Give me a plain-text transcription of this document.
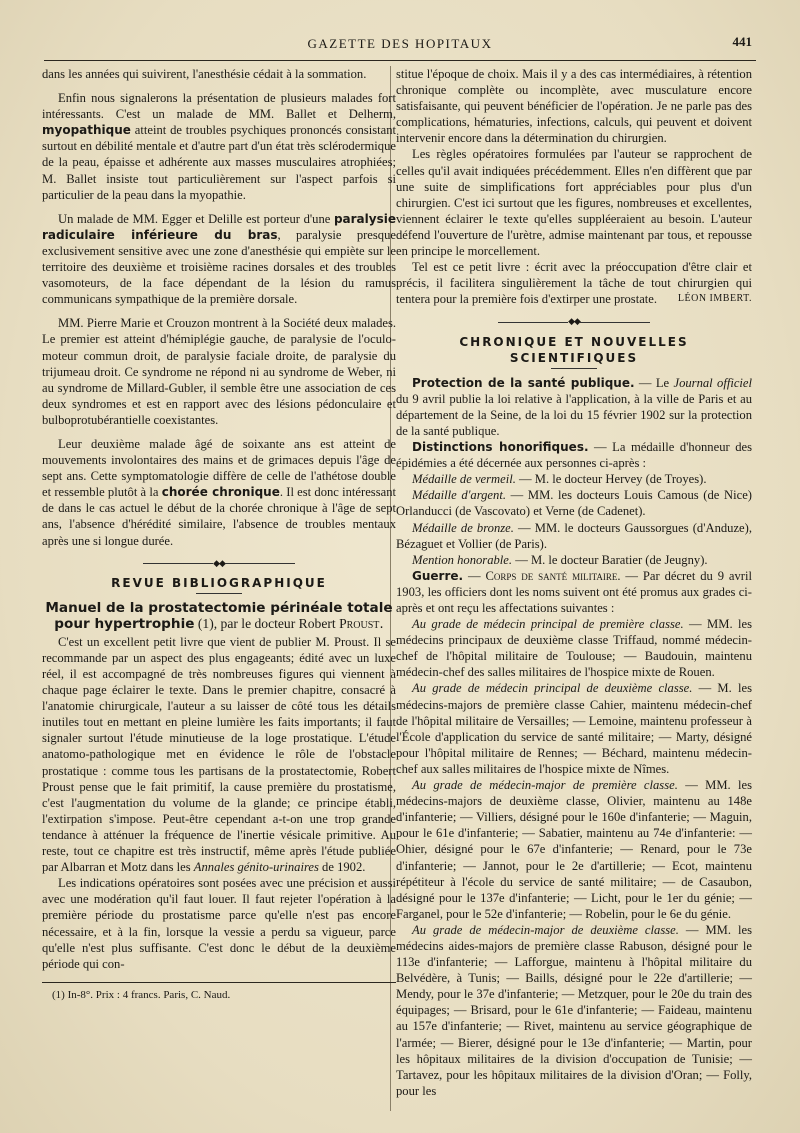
GAZETTE DES HOPITAUX	441

dans les années qui suivirent, l'anesthésie cédait à la sommation.

Enfin nous signalerons la présentation de plusieurs malades fort intéressants. C'est un malade de MM. Ballet et Delherm, myopathique atteint de troubles psychiques prononcés consistant surtout en débilité mentale et d'autre part d'un état très sclérodermique de la peau, épaisse et adhérente aux masses musculaires atrophiées; M. Ballet insiste tout particulièrement sur l'aspect parfois si particulier de la peau dans la myopathie.

Un malade de MM. Egger et Delille est porteur d'une paralysie radiculaire inférieure du bras, paralysie presque exclusivement sensitive avec une zone d'anesthésie qui empiète sur le territoire des deuxième et troisième racines dorsales et des troubles vasomoteurs, de la face dépendant de la lésion du ramus communicans sympathique de la première dorsale.

MM. Pierre Marie et Crouzon montrent à la Société deux malades. Le premier est atteint d'hémiplégie gauche, de paralysie de l'oculo-moteur commun droit, de paralysie faciale droite, de paralysie du trijumeau droit. Ce syndrome ne répond ni au syndrome de Weber, ni au syndrome de Millard-Gubler, il semble être une association de ces deux syndromes et est en rapport avec des lésions pédonculaire et bulboprotubérantielle coexistantes.

Leur deuxième malade âgé de soixante ans est atteint de mouvements involontaires des mains et de grimaces depuis l'âge de sept ans. Cette symptomatologie diffère de celle de l'athétose double et ressemble plutôt à la chorée chronique. Il est donc intéressant de dans le cas actuel le début de la chorée chronique à l'âge de sept ans, l'absence d'hérédité similaire, l'absence de troubles mentaux après une si longue durée.

◆◆
REVUE BIBLIOGRAPHIQUE
Manuel de la prostatectomie périnéale totale pour hypertrophie (1), par le docteur Robert Proust.

C'est un excellent petit livre que vient de publier M. Proust. Il se recommande par un aspect des plus engageants; édité avec un luxe réel, il est accompagné de très nombreuses figures qui viennent à chaque page éclairer le texte. Dans le premier chapitre, consacré à l'anatomie chirurgicale, l'auteur a su laisser de côté tous les détails inutiles tout en mettant en pleine lumière les faits importants; il faut signaler surtout l'étude minutieuse de la loge prostatique. L'étude anatomo-pathologique met en évidence le rôle de l'obstacle prostatique : comme tous les partisans de la prostatectomie, Robert Proust pense que le fait primitif, la cause première du prostatisme, c'est l'augmentation du volume de la glande; ce principe établi, l'extirpation s'impose. Peut-être cependant a-t-on une trop grande tendance à atténuer la fréquence de l'inertie vésicale primitive. Au reste, tout ce chapitre est très instructif, même après l'étude publiée par Albarran et Motz dans les Annales génito-urinaires de 1902.

Les indications opératoires sont posées avec une précision et aussi avec une modération qu'il faut louer. Il faut rejeter l'opération à la première période du prostatisme parce qu'elle n'est pas encore nécessaire, et à la fin, lorsque la vessie a perdu sa vigueur, parce qu'elle n'est plus suffisante. C'est donc le début de la deuxième période qui con-

(1) In-8°. Prix : 4 francs. Paris, C. Naud.

stitue l'époque de choix. Mais il y a des cas intermédiaires, à rétention chronique complète ou incomplète, avec musculature encore satisfaisante, qui peuvent bénéficier de l'opération. Je ne parle pas des complications, hématuries, infections, calculs, qui peuvent et doivent intervenir encore dans la détermination du chirurgien.

Les règles opératoires formulées par l'auteur se rapprochent de celles qu'il avait indiquées précédemment. Elles n'en diffèrent que par une suite de simplifications fort appréciables pour plus d'un chirurgien. C'est ici surtout que les figures, nombreuses et excellentes, viennent éclairer le texte qu'elles suppléeraient au besoin. L'auteur défend l'ouverture de l'urètre, admise maintenant par tous, et repousse en principe le morcellement.

Tel est ce petit livre : écrit avec la préoccupation d'être clair et précis, il facilitera singulièrement la tâche de tout chirurgien qui tentera pour la première fois d'extirper une prostate.	LÉON IMBERT.

◆◆
CHRONIQUE ET NOUVELLES SCIENTIFIQUES

Protection de la santé publique. — Le Journal officiel du 9 avril publie la loi relative à l'application, à la ville de Paris et au département de la Seine, de la loi du 15 février 1902 sur la protection de la santé publique.

Distinctions honorifiques. — La médaille d'honneur des épidémies a été décernée aux personnes ci-après :

Médaille de vermeil. — M. le docteur Hervey (de Troyes).

Médaille d'argent. — MM. les docteurs Louis Camous (de Nice) Orlanducci (de Vascovato) et Verne (de Cadenet).

Médaille de bronze. — MM. le docteurs Gaussorgues (d'Anduze), Bézaguet et Vollier (de Paris).

Mention honorable. — M. le docteur Baratier (de Jeugny).

Guerre. — Corps de santé militaire. — Par décret du 9 avril 1903, les officiers dont les noms suivent ont été promus aux grades ci-après et ont reçu les affectations suivantes :

Au grade de médecin principal de première classe. — MM. les médecins principaux de deuxième classe Triffaud, nommé médecin-chef de l'hôpital militaire de Toulouse; — Baudouin, maintenu médecin-chef des salles militaires de l'hospice mixte de Rouen.

Au grade de médecin principal de deuxième classe. — M. les médecins-majors de première classe Cahier, maintenu médecin-chef de l'hôpital militaire de Versailles; — Lemoine, maintenu professeur à l'École d'application du service de santé militaire; — Marty, désigné pour l'hôpital militaire de Rennes; — Béchard, maintenu médecin-chef aux salles militaires de l'hospice mixte de Nîmes.

Au grade de médecin-major de première classe. — MM. les médecins-majors de deuxième classe, Olivier, maintenu au 148e d'infanterie; — Villiers, désigné pour le 160e d'infanterie; — Maguin, pour le 61e d'infanterie; — Sabatier, maintenu au 74e d'infanterie: — Ohier, désigné pour le 67e d'infanterie; — Renard, pour le 73e d'infanterie; — Jannot, pour le 2e d'artillerie; — Ecot, maintenu répétiteur à l'école du service de santé militaire; — de Casaubon, désigné pour le 137e d'infanterie; — Licht, pour le 1er du génie; — Farganel, pour le 52e d'infanterie; — Robelin, pour le 6e du génie.

Au grade de médecin-major de deuxième classe. — MM. les médecins aides-majors de première classe Rabuson, désigné pour le 113e d'infanterie; — Lafforgue, maintenu à l'hôpital militaire du Belvédère, à Tunis; — Baills, désigné pour le 22e d'artillerie; — Mendy, pour le 37e d'infanterie; — Metzquer, pour le 20e du train des équipages; — Brisard, pour le 61e d'infanterie; — Faideau, maintenu au 157e d'infanterie; — Rivet, maintenu au service géographique de l'armée; — Bierer, désigné pour le 13e d'infanterie; — Martin, pour les hôpitaux militaires de la division d'occupation de Tunisie; — Tartavez, pour les hôpitaux militaires de la division d'Oran; — Folly, pour les
